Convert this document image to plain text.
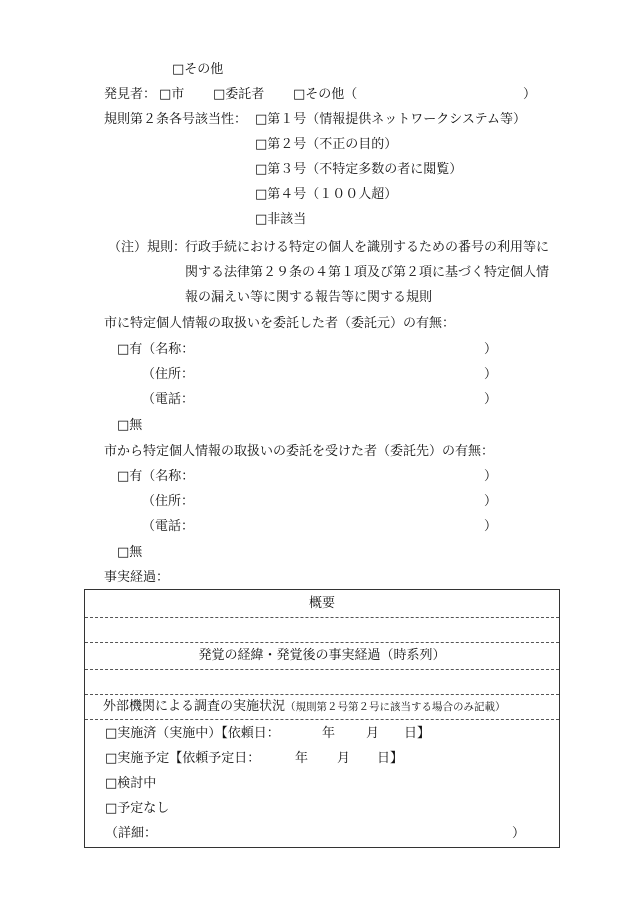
□その他
発見者： □市 □委託者 □その他（	）
規則第２条各号該当性： □第１号（情報提供ネットワークシステム等）
□第２号（不正の目的）
□第３号（不特定多数の者に閲覧）
□第４号（１００人超）
□非該当
（注）規則：
行政手続における特定の個人を識別するための番号の利用等に
関する法律第２９条の４第１項及び第２項に基づく特定個人情
報の漏えい等に関する報告等に関する規則
市に特定個人情報の取扱いを委託した者（委託元）の有無：
□有（名称：	）
（住所：	）
（電話：	）
□無
市から特定個人情報の取扱いの委託を受けた者（委託先）の有無：
□有（名称：	）
（住所：	）
（電話：	）
□無
事実経過：
概要
発覚の経緯・発覚後の事実経過（時系列）
外部機関による調査の実施状況（規則第２号第２号に該当する場合のみ記載）
□実施済（実施中）【依頼日：	年 月 日】
□実施予定【依頼予定日：	年 月 日】
□検討中
□予定なし
（詳細：	）
